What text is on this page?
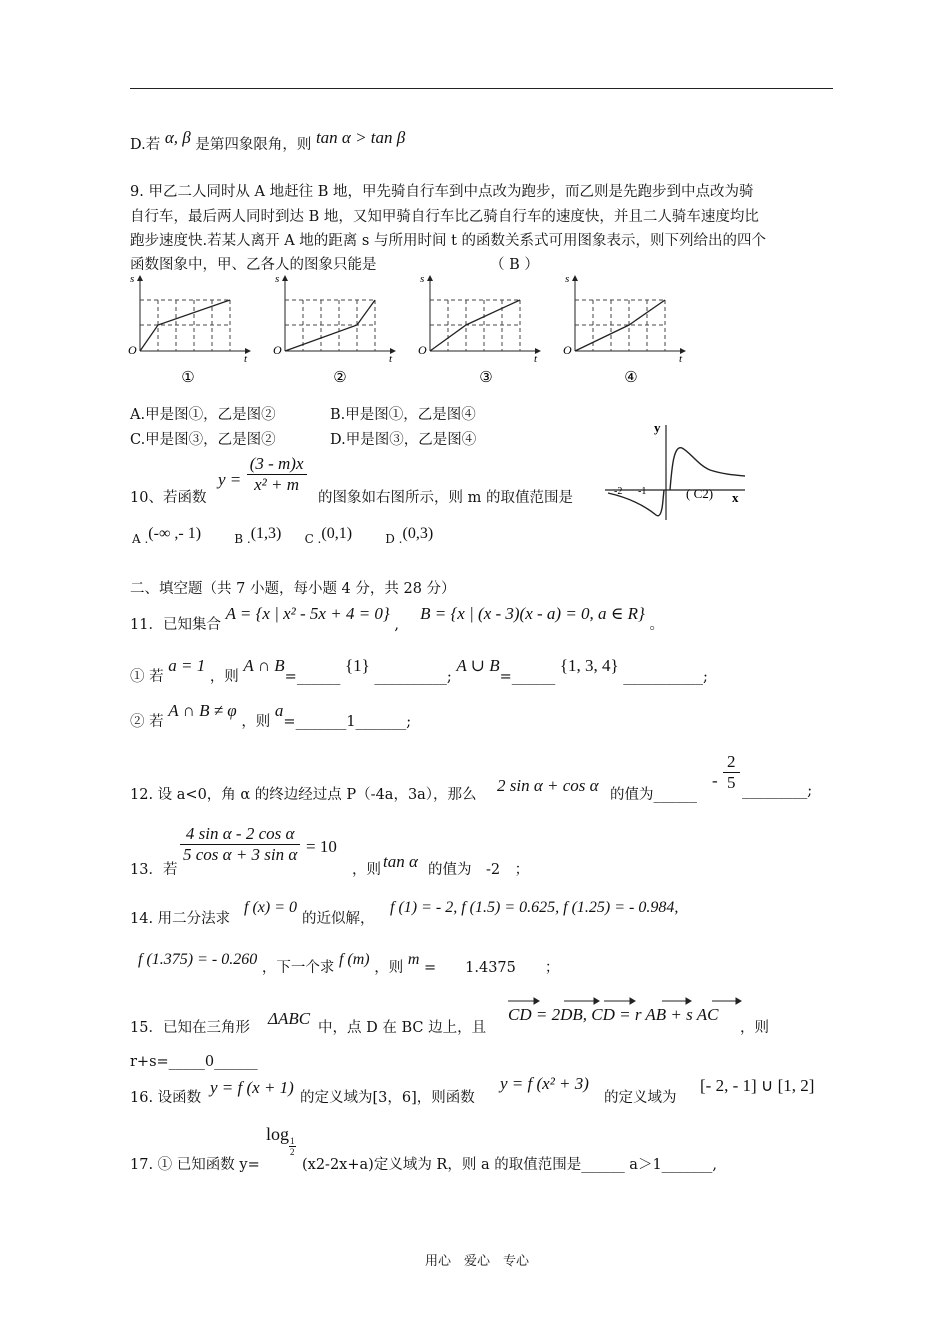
D.若 α, β 是第四象限角，则 tan α > tan β
9. 甲乙二人同时从 A 地赶往 B 地，甲先骑自行车到中点改为跑步，而乙则是先跑步到中点改为骑
自行车，最后两人同时到达 B 地，又知甲骑自行车比乙骑自行车的速度快，并且二人骑车速度均比
跑步速度快.若某人离开 A 地的距离 s 与所用时间 t 的函数关系式可用图象表示，则下列给出的四个
函数图象中，甲、乙各人的图象只能是	（ B ）
s
t
O
①
s
t
O
②
s
t
O
③
s
t
O
④
A.甲是图①，乙是图②	B.甲是图①，乙是图④
C.甲是图③，乙是图②	D.甲是图③，乙是图④
10、若函数
$y = \frac{(3 - m)x}{\text{x² + m}}$
的图象如右图所示，则 m 的取值范围是
y
x
-2 -1	( C2)
A .(-∞ ,- 1)	B .(1,3) C .(0,1)	D .(0,3)
二、填空题（共 7 小题，每小题 4 分，共 28 分）
11．已知集合 A = {x | x² - 5x + 4 = 0} ,  B = {x | (x - 3)(x - a) = 0, a ∈ R} 。
① 若 a = 1 ，则 A ∩ B=______ {1} __________; A ∪ B=______ {1, 3, 4} ___________;
② 若 A ∩ B ≠ φ ，则 a=_______1_______;
12. 设 a<0，角 α 的终边经过点 P（-4a，3a），那么 2 sin α + cos α 的值为______
- $\frac{2}{5}$ _________;
13．若
$\frac{\text{4 sin α - 2 cos α}}{\text{5 cos α + 3 sin α}} = 10$
，则 tan α 的值为　-2　；
14. 用二分法求
f (x) = 0
的近似解，
f (1) = - 2, f (1.5) = 0.625, f (1.25) = - 0.984,
f (1.375) = - 0.260 ，下一个求 f (m) ，则 m =　　1.4375　　；
15．已知在三角形 ΔABC 中，点 D 在 BC 边上，且
CD = 2DB, CD = r AB + s AC
，则
r+s=_____0______
16. 设函数
y = f (x + 1)
的定义域为[3，6]，则函数
y = f (x² + 3)
的定义域为
[- 2, - 1] ∪ [1, 2]
log
$\frac{1}{2}$
17. ① 已知函数 y=	(x2-2x+a)定义域为 R，则 a 的取值范围是______ a＞1_______,
用心　爱心　专心
